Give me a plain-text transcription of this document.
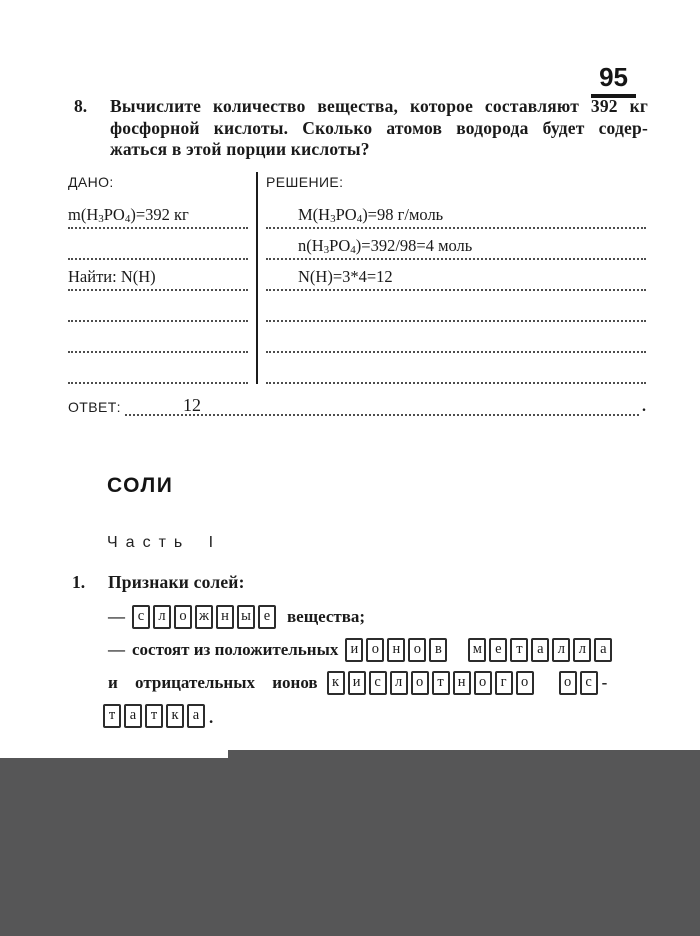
95
8.	Вычислите количество вещества, которое составляют 392 кг
фосфорной кислоты. Сколько атомов водорода будет содер-
жаться в этой порции кислоты?
ДАНО:
m(H 3 PO 4 )=392 кг
Найти: N(H)
РЕШЕНИЕ:
M(H 3 PO 4 )=98 г/моль
n(H 3 PO 4 )=392/98=4 моль
N(H)=3*4=12
ОТВЕТ:	12	.
СОЛИ
Часть I
1.	Признаки солей:
— с л о ж н ы е вещества;
— состоят из положительных и о н о в	м е	т	а л л а
и отрицательных ионов к и с л о т н о г о	о с -
т	а	т к а .
